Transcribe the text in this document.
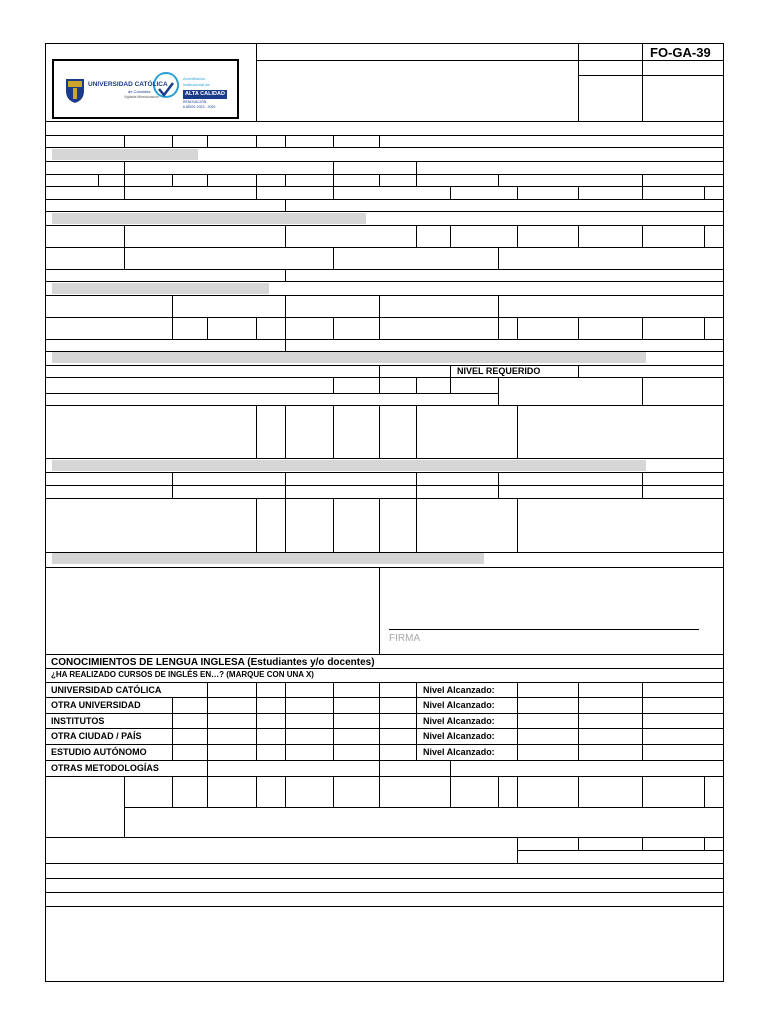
UNIVERSIDAD CATÓLICA
de Colombia
Vigilada Mineducación
Acreditación
Institucional de
ALTA CALIDAD
RENOVACIÓN
6 AÑOS 2023 - 2029
FO-GA-39
NIVEL REQUERIDO
FIRMA
CONOCIMIENTOS DE LENGUA INGLESA (Estudiantes y/o docentes)
¿HA REALIZADO CURSOS DE INGLÉS EN…? (MARQUE CON UNA X)
UNIVERSIDAD CATÓLICA
OTRA UNIVERSIDAD
INSTITUTOS
OTRA CIUDAD / PAÍS
ESTUDIO AUTÓNOMO
OTRAS METODOLOGÍAS
Nivel Alcanzado:
Nivel Alcanzado:
Nivel Alcanzado:
Nivel Alcanzado:
Nivel Alcanzado:
